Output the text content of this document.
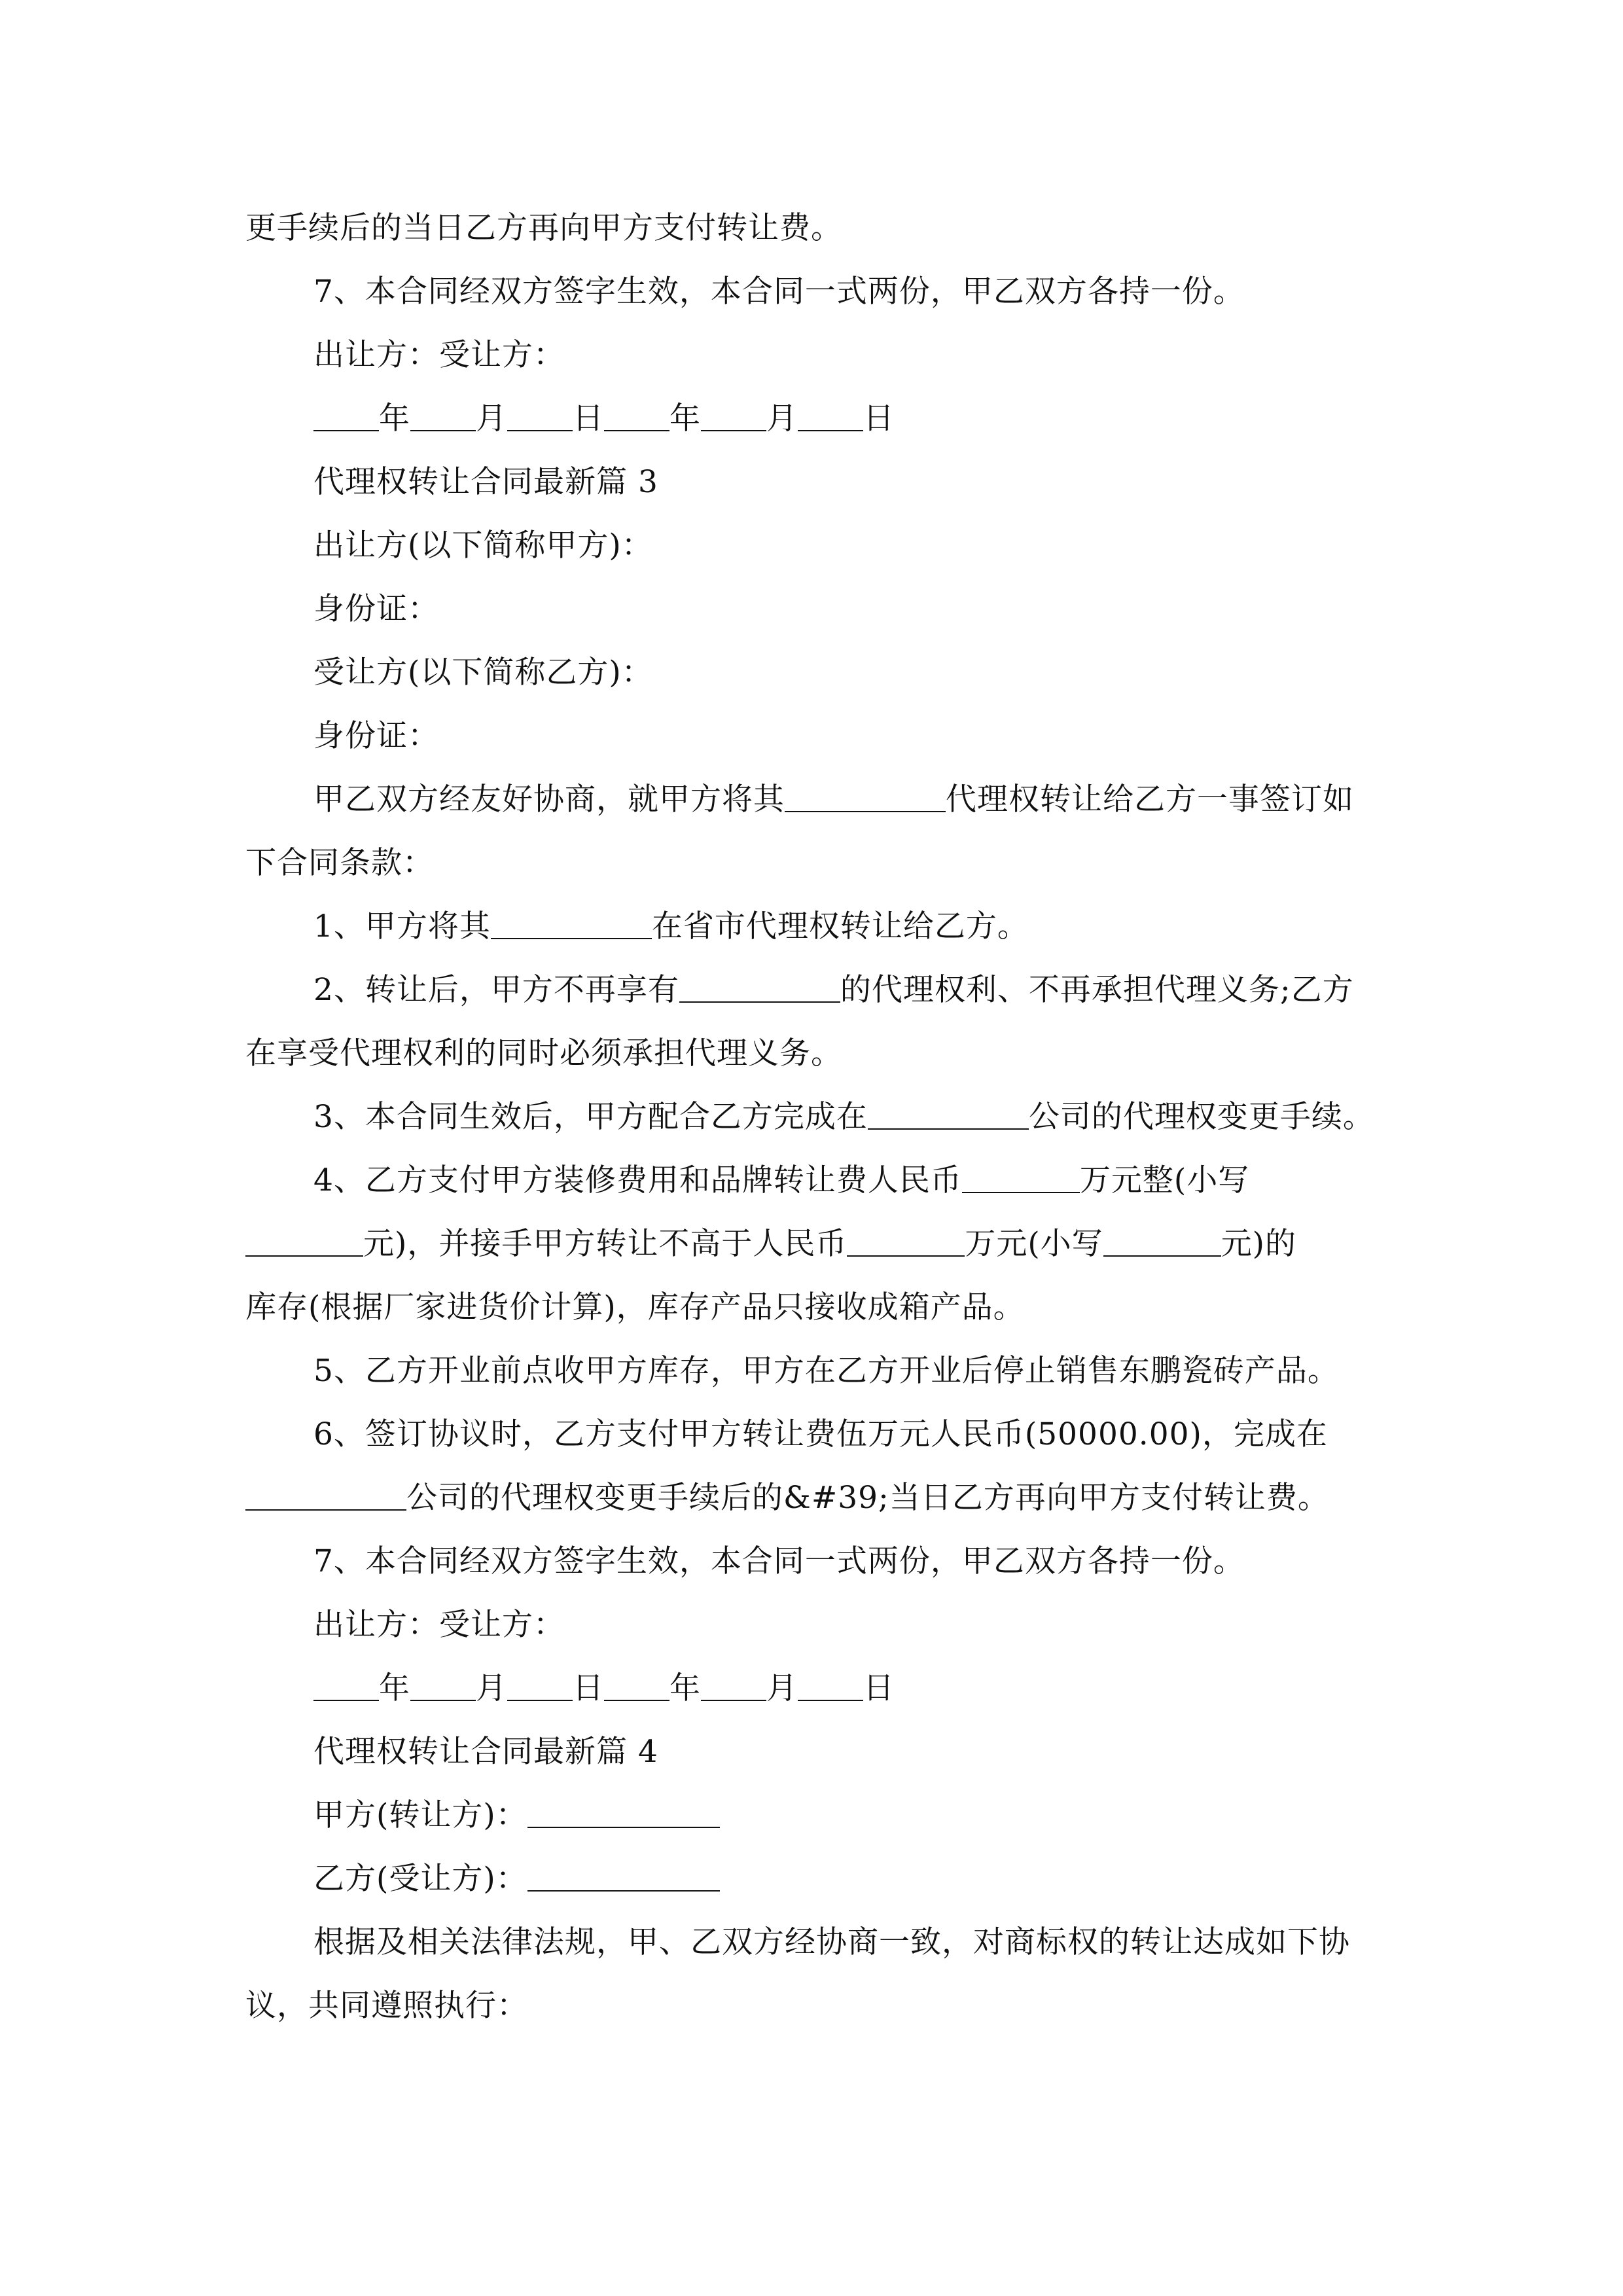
更手续后的当日乙方再向甲方支付转让费。

7、本合同经双方签字生效，本合同一式两份，甲乙双方各持一份。

出让方：受让方：

年 月 日 年 月 日

代理权转让合同最新篇 3

出让方(以下简称甲方)：

身份证：

受让方(以下简称乙方)：

身份证：

甲乙双方经友好协商，就甲方将其	代理权转让给乙方一事签订如

下合同条款：

1、甲方将其	在省市代理权转让给乙方。

2、转让后，甲方不再享有	的代理权利、不再承担代理义务;乙方

在享受代理权利的同时必须承担代理义务。

3、本合同生效后，甲方配合乙方完成在	公司的代理权变更手续。

4、乙方支付甲方装修费用和品牌转让费人民币	万元整(小写

元)，并接手甲方转让不高于人民币	万元(小写	元)的

库存(根据厂家进货价计算)，库存产品只接收成箱产品。

5、乙方开业前点收甲方库存，甲方在乙方开业后停止销售东鹏瓷砖产品。

6、签订协议时，乙方支付甲方转让费伍万元人民币(50000.00)，完成在

公司的代理权变更手续后的&#39;当日乙方再向甲方支付转让费。

7、本合同经双方签字生效，本合同一式两份，甲乙双方各持一份。

出让方：受让方：

年 月 日 年 月 日

代理权转让合同最新篇 4

甲方(转让方)：

乙方(受让方)：

根据及相关法律法规，甲、乙双方经协商一致，对商标权的转让达成如下协

议，共同遵照执行：
